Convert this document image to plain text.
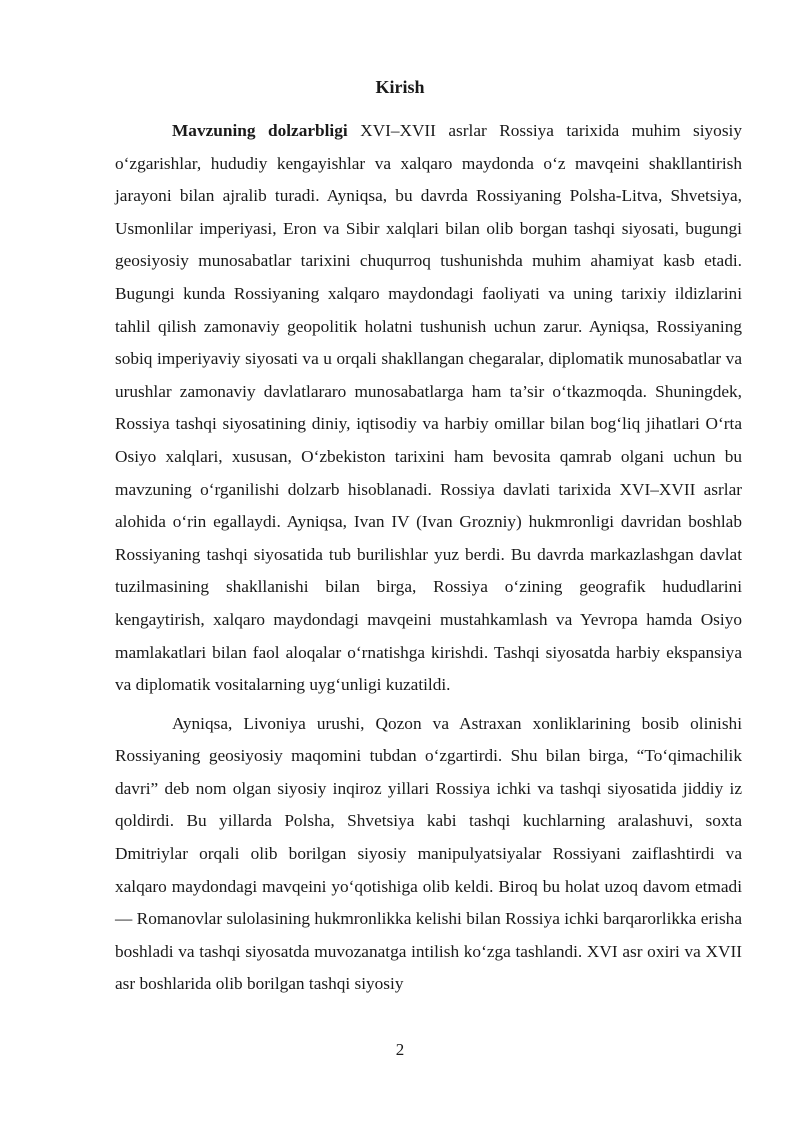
Kirish

Mavzuning dolzarbligi XVI–XVII asrlar Rossiya tarixida muhim siyosiy o‘zgarishlar, hududiy kengayishlar va xalqaro maydonda o‘z mavqeini shakllantirish jarayoni bilan ajralib turadi. Ayniqsa, bu davrda Rossiyaning Polsha-Litva, Shvetsiya, Usmonlilar imperiyasi, Eron va Sibir xalqlari bilan olib borgan tashqi siyosati, bugungi geosiyosiy munosabatlar tarixini chuqurroq tushunishda muhim ahamiyat kasb etadi. Bugungi kunda Rossiyaning xalqaro maydondagi faoliyati va uning tarixiy ildizlarini tahlil qilish zamonaviy geopolitik holatni tushunish uchun zarur. Ayniqsa, Rossiyaning sobiq imperiyaviy siyosati va u orqali shakllangan chegaralar, diplomatik munosabatlar va urushlar zamonaviy davlatlararo munosabatlarga ham ta’sir o‘tkazmoqda. Shuningdek, Rossiya tashqi siyosatining diniy, iqtisodiy va harbiy omillar bilan bog‘liq jihatlari O‘rta Osiyo xalqlari, xususan, O‘zbekiston tarixini ham bevosita qamrab olgani uchun bu mavzuning o‘rganilishi dolzarb hisoblanadi. Rossiya davlati tarixida XVI–XVII asrlar alohida o‘rin egallaydi. Ayniqsa, Ivan IV (Ivan Grozniy) hukmronligi davridan boshlab Rossiyaning tashqi siyosatida tub burilishlar yuz berdi. Bu davrda markazlashgan davlat tuzilmasining shakllanishi bilan birga, Rossiya o‘zining geografik hududlarini kengaytirish, xalqaro maydondagi mavqeini mustahkamlash va Yevropa hamda Osiyo mamlakatlari bilan faol aloqalar o‘rnatishga kirishdi. Tashqi siyosatda harbiy ekspansiya va diplomatik vositalarning uyg‘unligi kuzatildi.

Ayniqsa, Livoniya urushi, Qozon va Astraxan xonliklarining bosib olinishi Rossiyaning geosiyosiy maqomini tubdan o‘zgartirdi. Shu bilan birga, “To‘qimachilik davri” deb nom olgan siyosiy inqiroz yillari Rossiya ichki va tashqi siyosatida jiddiy iz qoldirdi. Bu yillarda Polsha, Shvetsiya kabi tashqi kuchlarning aralashuvi, soxta Dmitriylar orqali olib borilgan siyosiy manipulyatsiyalar Rossiyani zaiflashtirdi va xalqaro maydondagi mavqeini yo‘qotishiga olib keldi. Biroq bu holat uzoq davom etmadi — Romanovlar sulolasining hukmronlikka kelishi bilan Rossiya ichki barqarorlikka erisha boshladi va tashqi siyosatda muvozanatga intilish ko‘zga tashlandi. XVI asr oxiri va XVII asr boshlarida olib borilgan tashqi siyosiy

2
